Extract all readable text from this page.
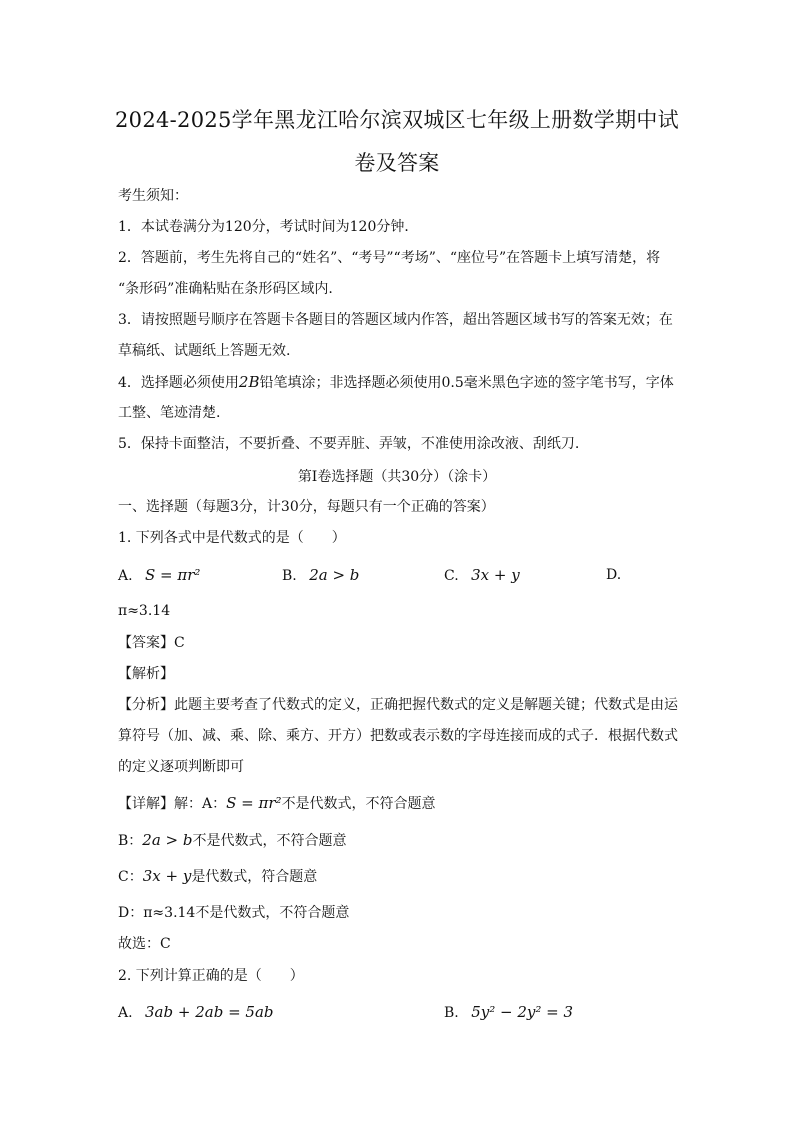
2024-2025学年黑龙江哈尔滨双城区七年级上册数学期中试
卷及答案
考生须知：
1．本试卷满分为120分，考试时间为120分钟．
2．答题前，考生先将自己的“姓名”、“考号”“考场”、“座位号”在答题卡上填写清楚，将
“条形码”准确粘贴在条形码区域内.
3．请按照题号顺序在答题卡各题目的答题区域内作答，超出答题区域书写的答案无效；在
草稿纸、试题纸上答题无效.
4．选择题必须使用2B铅笔填涂；非选择题必须使用0.5毫米黑色字迹的签字笔书写，字体
工整、笔迹清楚.
5．保持卡面整洁，不要折叠、不要弄脏、弄皱，不准使用涂改液、刮纸刀.
第Ⅰ卷选择题（共30分）（涂卡）
一、选择题（每题3分，计30分，每题只有一个正确的答案）
1. 下列各式中是代数式的是（　　）
A. S = πr²	B. 2a > b	C. 3x + y	D.
π≈3.14
【答案】C
【解析】
【分析】此题主要考查了代数式的定义，正确把握代数式的定义是解题关键；代数式是由运
算符号（加、减、乘、除、乘方、开方）把数或表示数的字母连接而成的式子．根据代数式
的定义逐项判断即可
【详解】解：A：S = πr²不是代数式，不符合题意
B：2a > b不是代数式，不符合题意
C：3x + y是代数式，符合题意
D：π≈3.14不是代数式，不符合题意
故选：C
2. 下列计算正确的是（　　）
A. 3ab + 2ab = 5ab	B. 5y² − 2y² = 3
